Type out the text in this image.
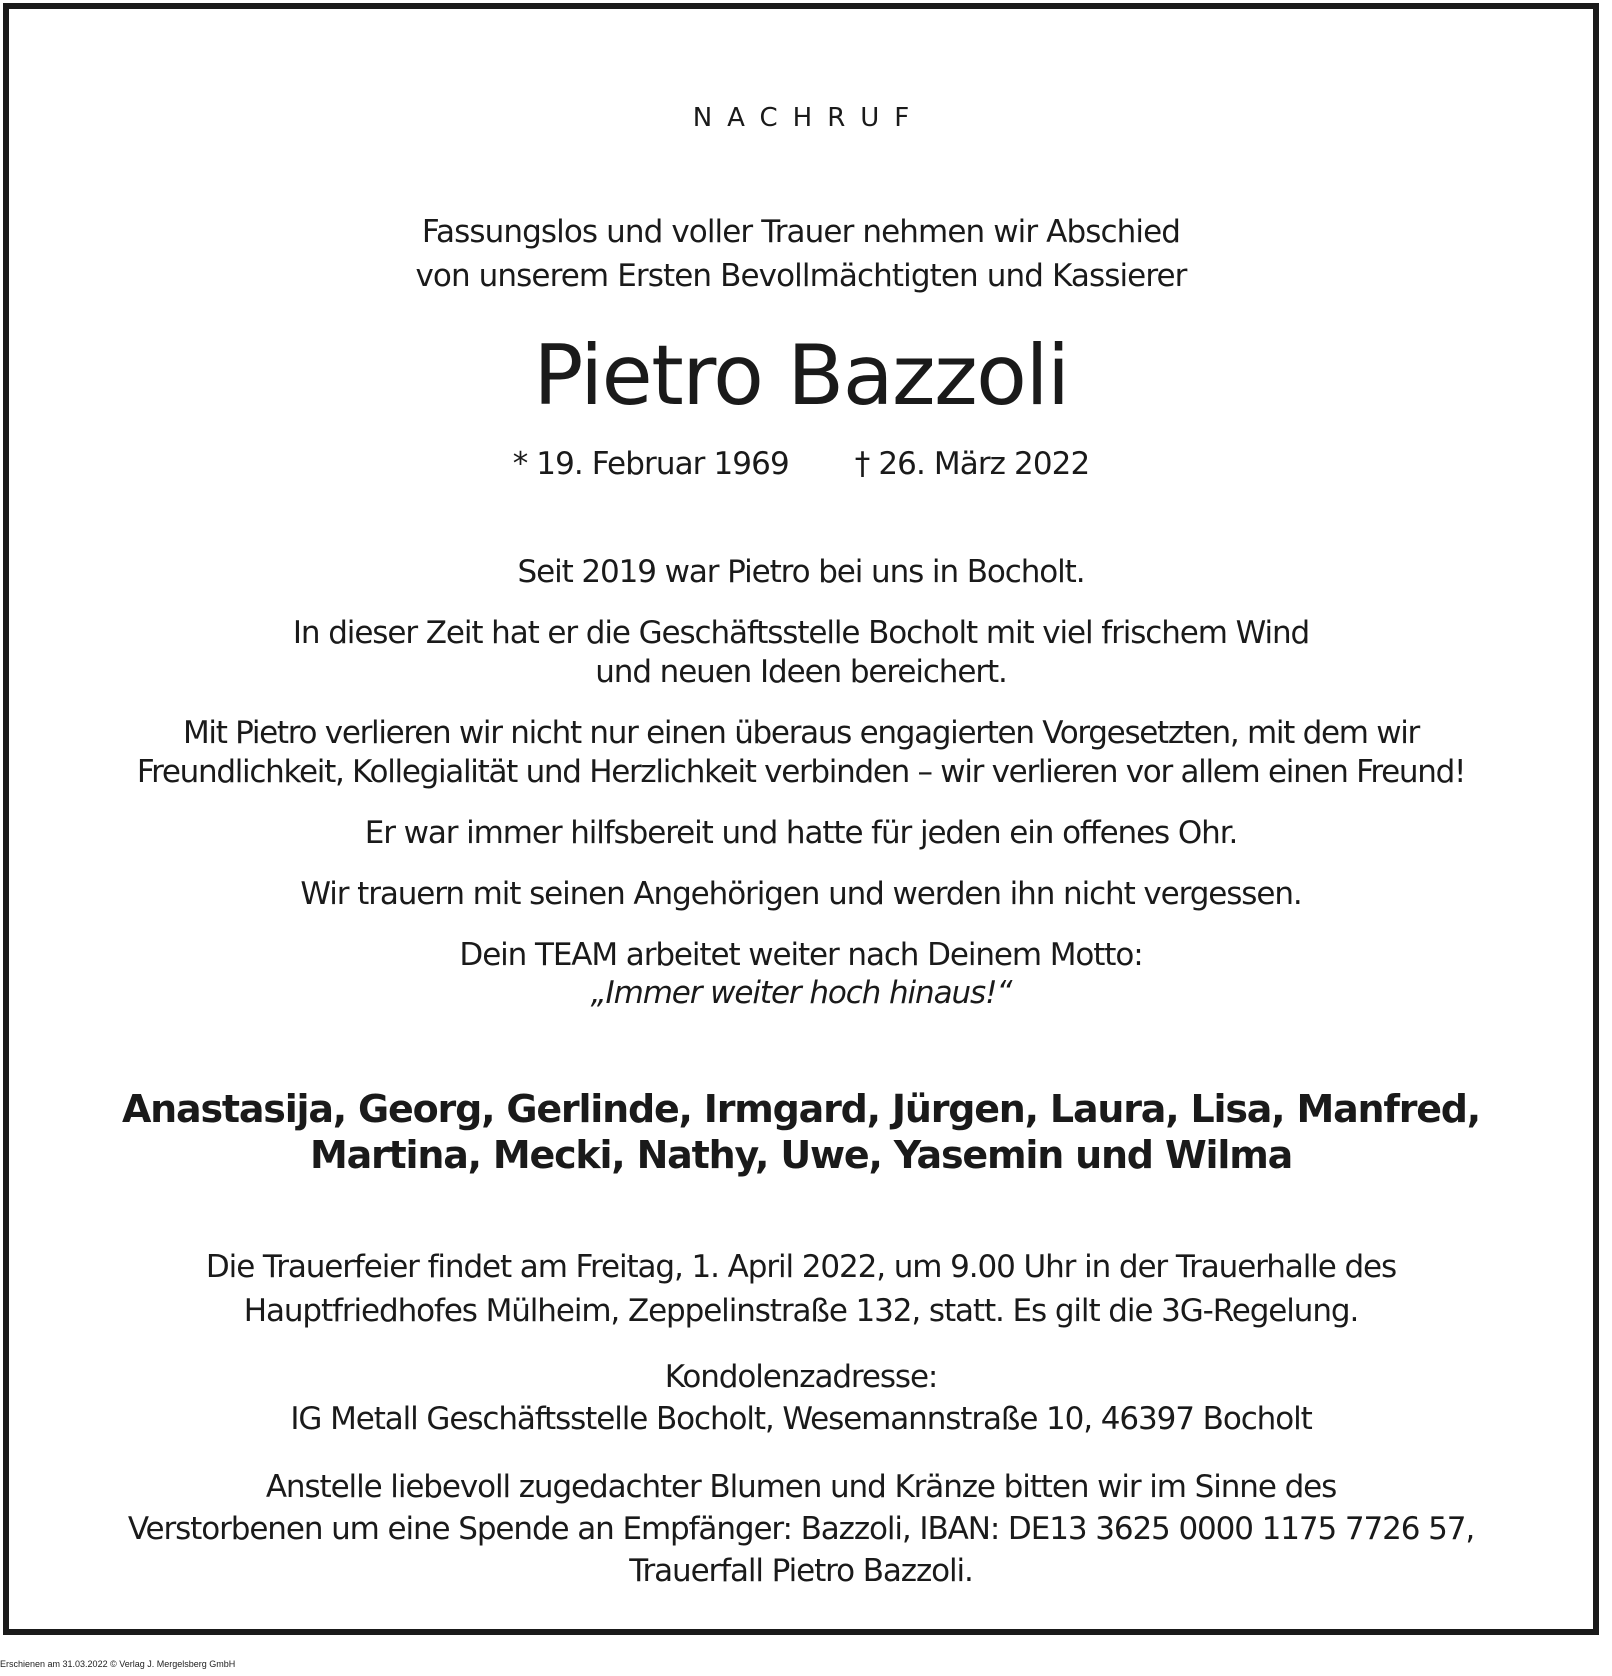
NACHRUF
Fassungslos und voller Trauer nehmen wir Abschied
von unserem Ersten Bevollmächtigten und Kassierer
Pietro Bazzoli
* 19. Februar 1969 † 26. März 2022
Seit 2019 war Pietro bei uns in Bocholt.
In dieser Zeit hat er die Geschäftsstelle Bocholt mit viel frischem Wind
und neuen Ideen bereichert.
Mit Pietro verlieren wir nicht nur einen überaus engagierten Vorgesetzten, mit dem wir
Freundlichkeit, Kollegialität und Herzlichkeit verbinden – wir verlieren vor allem einen Freund!
Er war immer hilfsbereit und hatte für jeden ein offenes Ohr.
Wir trauern mit seinen Angehörigen und werden ihn nicht vergessen.
Dein TEAM arbeitet weiter nach Deinem Motto:
„Immer weiter hoch hinaus!“
Anastasija, Georg, Gerlinde, Irmgard, Jürgen, Laura, Lisa, Manfred,
Martina, Mecki, Nathy, Uwe, Yasemin und Wilma
Die Trauerfeier findet am Freitag, 1. April 2022, um 9.00 Uhr in der Trauerhalle des
Hauptfriedhofes Mülheim, Zeppelinstraße 132, statt. Es gilt die 3G-Regelung.
Kondolenzadresse:
IG Metall Geschäftsstelle Bocholt, Wesemannstraße 10, 46397 Bocholt
Anstelle liebevoll zugedachter Blumen und Kränze bitten wir im Sinne des
Verstorbenen um eine Spende an Empfänger: Bazzoli, IBAN: DE13 3625 0000 1175 7726 57,
Trauerfall Pietro Bazzoli.
Erschienen am 31.03.2022 © Verlag J. Mergelsberg GmbH
